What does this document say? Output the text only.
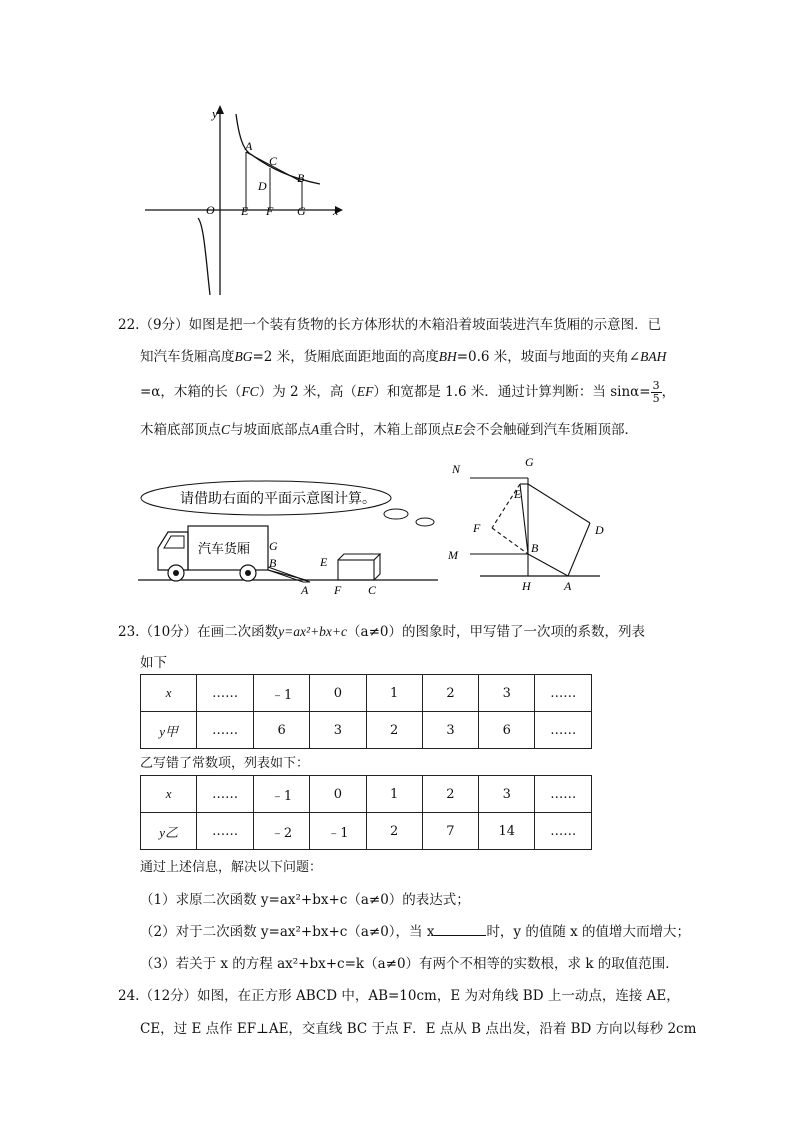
y
A
C
D
B
O E F G x
22.（9分）如图是把一个装有货物的长方体形状的木箱沿着坡面装进汽车货厢的示意图．已
知汽车货厢高度BG=2 米，货厢底面距地面的高度BH=0.6 米，坡面与地面的夹角∠BAH
=α，木箱的长（FC）为 2 米，高（EF）和宽都是 1.6 米．通过计算判断：当 $\sin\alpha= \frac{3}{5}$ ，
木箱底部顶点C与坡面底部点A重合时，木箱上部顶点E会不会触碰到汽车货厢顶部．
请借助右面的平面示意图计算。
汽车货厢 G
B
A
E
F C
N	G
E
D
F
B
M
H	A
23.（10分）在画二次函数y=ax²+bx+c（a≠0）的图象时，甲写错了一次项的系数，列表
如下
x	……	﹣1	0	1	2	3	……
y甲	……	6	3	2	3	6	……
乙写错了常数项，列表如下：
x	……	﹣1	0	1	2	3	……
y乙	……	﹣2	﹣1	2	7	14	……
通过上述信息，解决以下问题：
（1）求原二次函数 y=ax²+bx+c（a≠0）的表达式；
（2）对于二次函数 y=ax²+bx+c（a≠0），当 x	时，y 的值随 x 的值增大而增大；
（3）若关于 x 的方程 ax²+bx+c=k（a≠0）有两个不相等的实数根，求 k 的取值范围．
24.（12分）如图，在正方形 ABCD 中，AB=10cm，E 为对角线 BD 上一动点，连接 AE，
CE，过 E 点作 EF⊥AE，交直线 BC 于点 F．E 点从 B 点出发，沿着 BD 方向以每秒 2cm
